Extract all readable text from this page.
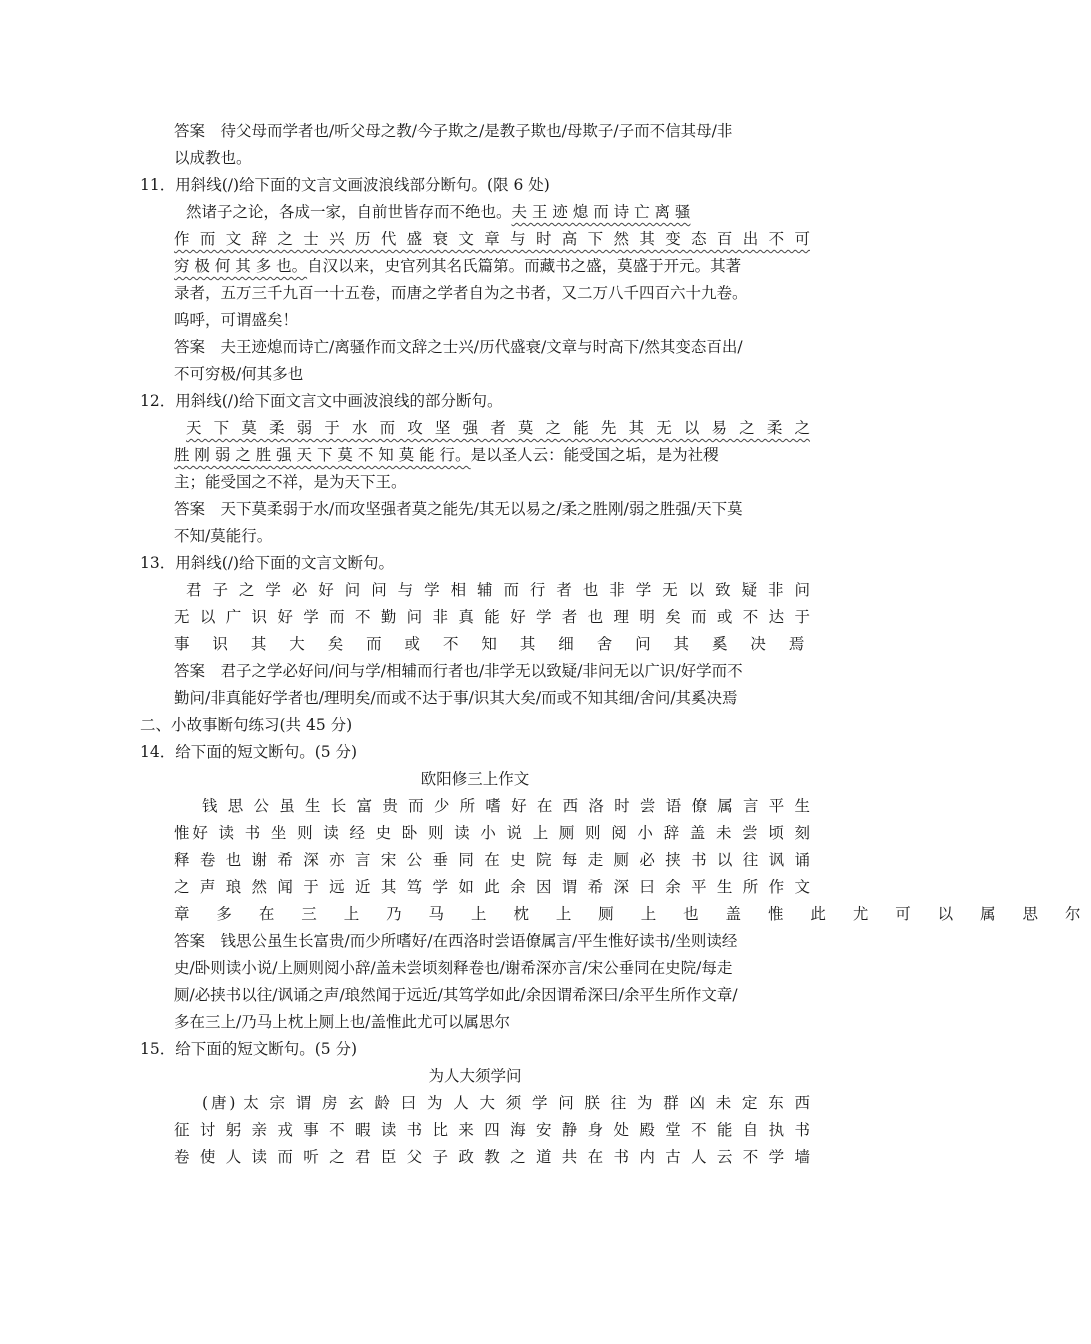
答案　待父母而学者也/听父母之教/今子欺之/是教子欺也/母欺子/子而不信其母/非
以成教也。
11．用斜线(/)给下面的文言文画波浪线部分断句。(限 6 处)
然诸子之论，各成一家，自前世皆存而不绝也。夫 王 迹 熄 而 诗 亡 离 骚
作 而 文 辞 之 士 兴 历 代 盛 衰 文 章 与 时 高 下 然 其 变 态 百 出 不 可
穷 极 何 其 多 也。自汉以来，史官列其名氏篇第。而藏书之盛，莫盛于开元。其著
录者，五万三千九百一十五卷，而唐之学者自为之书者，又二万八千四百六十九卷。
呜呼，可谓盛矣！
答案　夫王迹熄而诗亡/离骚作而文辞之士兴/历代盛衰/文章与时高下/然其变态百出/
不可穷极/何其多也
12．用斜线(/)给下面文言文中画波浪线的部分断句。
天 下 莫 柔 弱 于 水 而 攻 坚 强 者 莫 之 能 先 其 无 以 易 之 柔 之
胜 刚 弱 之 胜 强 天 下 莫 不 知 莫 能 行。是以圣人云：能受国之垢，是为社稷
主；能受国之不祥，是为天下王。
答案　天下莫柔弱于水/而攻坚强者莫之能先/其无以易之/柔之胜刚/弱之胜强/天下莫
不知/莫能行。
13．用斜线(/)给下面的文言文断句。
君 子 之 学 必 好 问 问 与 学 相 辅 而 行 者 也 非 学 无 以 致 疑 非 问
无 以 广 识 好 学 而 不 勤 问 非 真 能 好 学 者 也 理 明 矣 而 或 不 达 于
事 识 其 大 矣 而 或 不 知 其 细 舍 问 其 奚 决 焉
答案　君子之学必好问/问与学/相辅而行者也/非学无以致疑/非问无以广识/好学而不
勤问/非真能好学者也/理明矣/而或不达于事/识其大矣/而或不知其细/舍问/其奚决焉
二、小故事断句练习(共 45 分)
14．给下面的短文断句。(5 分)
欧阳修三上作文
钱 思 公 虽 生 长 富 贵 而 少 所 嗜 好 在 西 洛 时 尝 语 僚 属 言 平 生
惟好 读 书 坐 则 读 经 史 卧 则 读 小 说 上 厕 则 阅 小 辞 盖 未 尝 顷 刻
释 卷 也 谢 希 深 亦 言 宋 公 垂 同 在 史 院 每 走 厕 必 挟 书 以 往 讽 诵
之 声 琅 然 闻 于 远 近 其 笃 学 如 此 余 因 谓 希 深 曰 余 平 生 所 作 文
章 多 在 三 上 乃 马 上 枕 上 厕 上 也 盖 惟 此 尤 可 以 属 思 尔
答案　钱思公虽生长富贵/而少所嗜好/在西洛时尝语僚属言/平生惟好读书/坐则读经
史/卧则读小说/上厕则阅小辞/盖未尝顷刻释卷也/谢希深亦言/宋公垂同在史院/每走
厕/必挟书以往/讽诵之声/琅然闻于远近/其笃学如此/余因谓希深曰/余平生所作文章/
多在三上/乃马上枕上厕上也/盖惟此尤可以属思尔
15．给下面的短文断句。(5 分)
为人大须学问
(唐) 太 宗 谓 房 玄 龄 曰 为 人 大 须 学 问 朕 往 为 群 凶 未 定 东 西
征 讨 躬 亲 戎 事 不 暇 读 书 比 来 四 海 安 静 身 处 殿 堂 不 能 自 执 书
卷 使 人 读 而 听 之 君 臣 父 子 政 教 之 道 共 在 书 内 古 人 云 不 学 墙
